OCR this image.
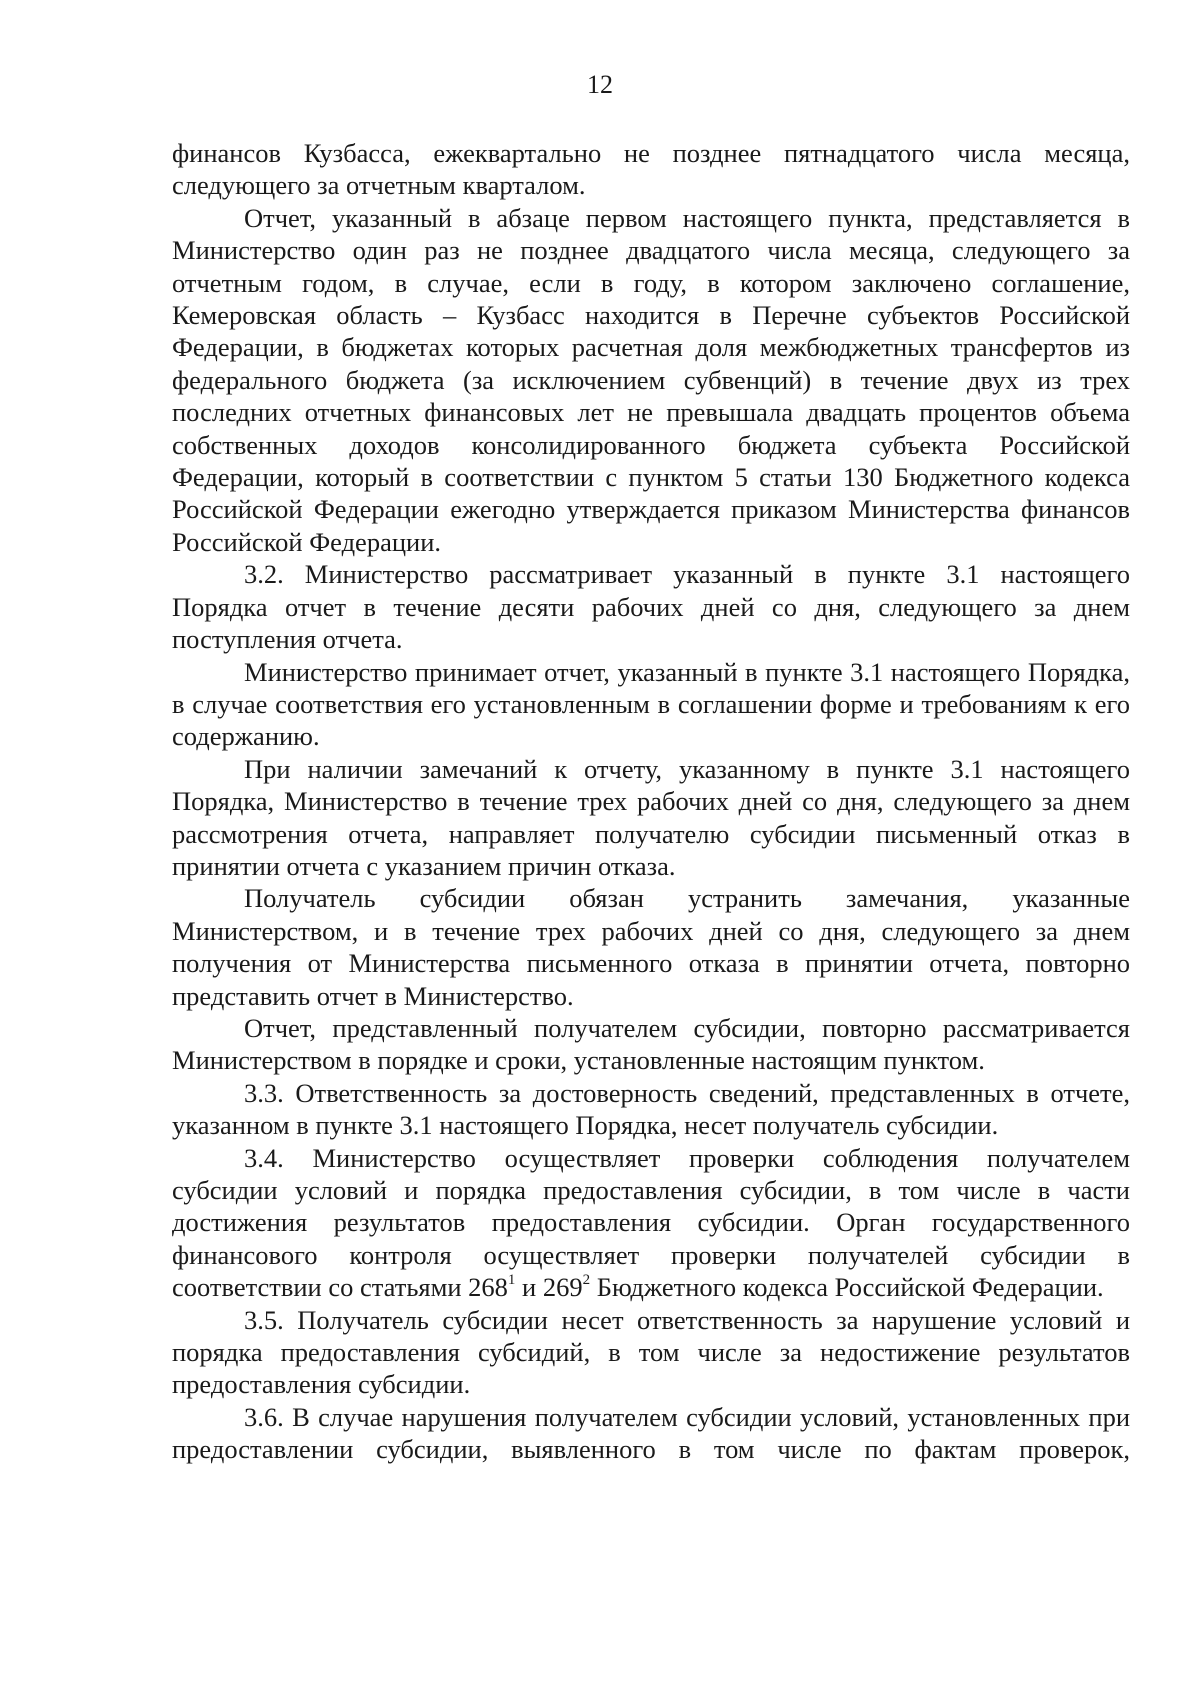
12

финансов Кузбасса, ежеквартально не позднее пятнадцатого числа месяца, следующего за отчетным кварталом.

Отчет, указанный в абзаце первом настоящего пункта, представляется в Министерство один раз не позднее двадцатого числа месяца, следующего за отчетным годом, в случае, если в году, в котором заключено соглашение, Кемеровская область – Кузбасс находится в Перечне субъектов Российской Федерации, в бюджетах которых расчетная доля межбюджетных трансфертов из федерального бюджета (за исключением субвенций) в течение двух из трех последних отчетных финансовых лет не превышала двадцать процентов объема собственных доходов консолидированного бюджета субъекта Российской Федерации, который в соответствии с пунктом 5 статьи 130 Бюджетного кодекса Российской Федерации ежегодно утверждается приказом Министерства финансов Российской Федерации.

3.2. Министерство рассматривает указанный в пункте 3.1 настоящего Порядка отчет в течение десяти рабочих дней со дня, следующего за днем поступления отчета.

Министерство принимает отчет, указанный в пункте 3.1 настоящего Порядка, в случае соответствия его установленным в соглашении форме и требованиям к его содержанию.

При наличии замечаний к отчету, указанному в пункте 3.1 настоящего Порядка, Министерство в течение трех рабочих дней со дня, следующего за днем рассмотрения отчета, направляет получателю субсидии письменный отказ в принятии отчета с указанием причин отказа.

Получатель субсидии обязан устранить замечания, указанные Министерством, и в течение трех рабочих дней со дня, следующего за днем получения от Министерства письменного отказа в принятии отчета, повторно представить отчет в Министерство.

Отчет, представленный получателем субсидии, повторно рассматривается Министерством в порядке и сроки, установленные настоящим пунктом.

3.3. Ответственность за достоверность сведений, представленных в отчете, указанном в пункте 3.1 настоящего Порядка, несет получатель субсидии.

3.4. Министерство осуществляет проверки соблюдения получателем субсидии условий и порядка предоставления субсидии, в том числе в части достижения результатов предоставления субсидии. Орган государственного финансового контроля осуществляет проверки получателей субсидии в соответствии со статьями $268^1$ и $269^2$ Бюджетного кодекса Российской Федерации.

3.5. Получатель субсидии несет ответственность за нарушение условий и порядка предоставления субсидий, в том числе за недостижение результатов предоставления субсидии.

3.6. В случае нарушения получателем субсидии условий, установленных при предоставлении субсидии, выявленного в том числе по фактам проверок,
